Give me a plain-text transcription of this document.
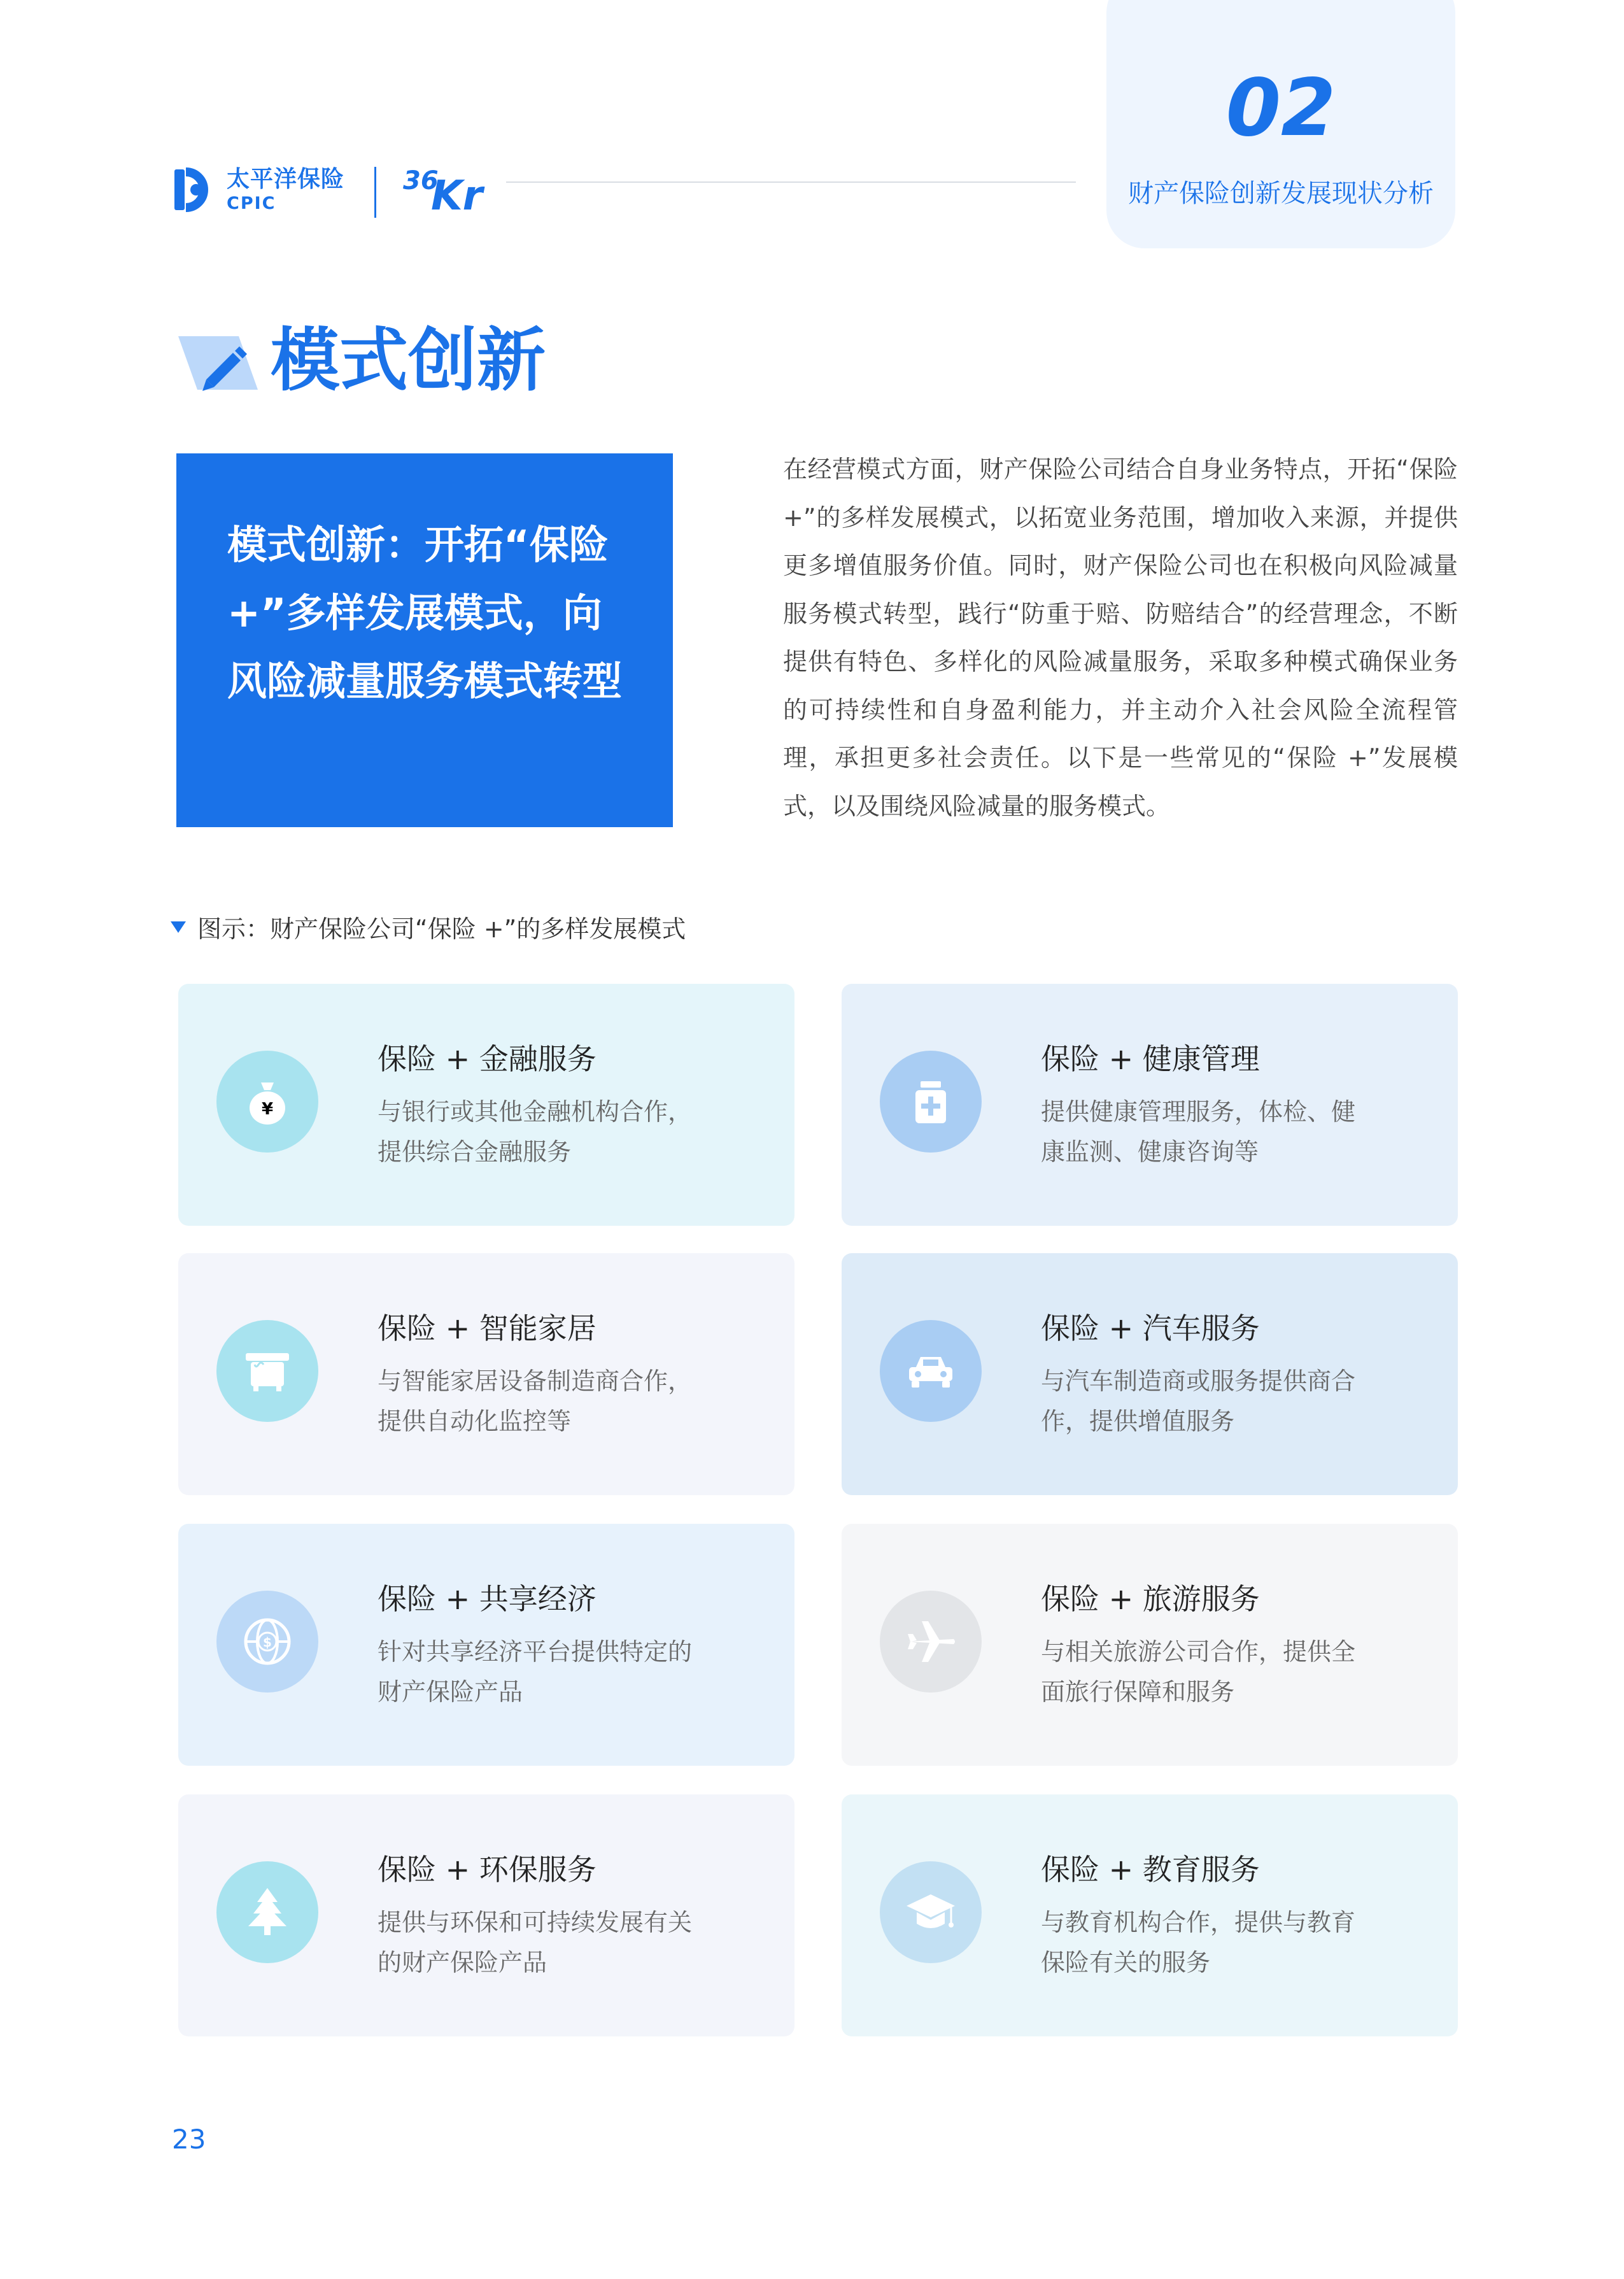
太平洋保险
CPIC
36
Kr
02
财产保险创新发展现状分析
模式创新
模式创新：开拓“保险 +”多样发展模式，向风险减量服务模式转型
在经营模式方面，财产保险公司结合自身业务特点，开拓“保险 +”的多样发展模式，以拓宽业务范围，增加收入来源，并提供更多增值服务价值。同时，财产保险公司也在积极向风险减量服务模式转型，践行“防重于赔、防赔结合”的经营理念，不断提供有特色、多样化的风险减量服务，采取多种模式确保业务的可持续性和自身盈利能力，并主动介入社会风险全流程管理，承担更多社会责任。以下是一些常见的“保险 +”发展模式，以及围绕风险减量的服务模式。
图示：财产保险公司“保险 +”的多样发展模式
¥
保险 + 金融服务
与银行或其他金融机构合作，提供综合金融服务
保险 + 健康管理
提供健康管理服务，体检、健康监测、健康咨询等
保险 + 智能家居
与智能家居设备制造商合作，提供自动化监控等
保险 + 汽车服务
与汽车制造商或服务提供商合作，提供增值服务
$
保险 + 共享经济
针对共享经济平台提供特定的财产保险产品
保险 + 旅游服务
与相关旅游公司合作，提供全面旅行保障和服务
保险 + 环保服务
提供与环保和可持续发展有关的财产保险产品
保险 + 教育服务
与教育机构合作，提供与教育保险有关的服务
23
